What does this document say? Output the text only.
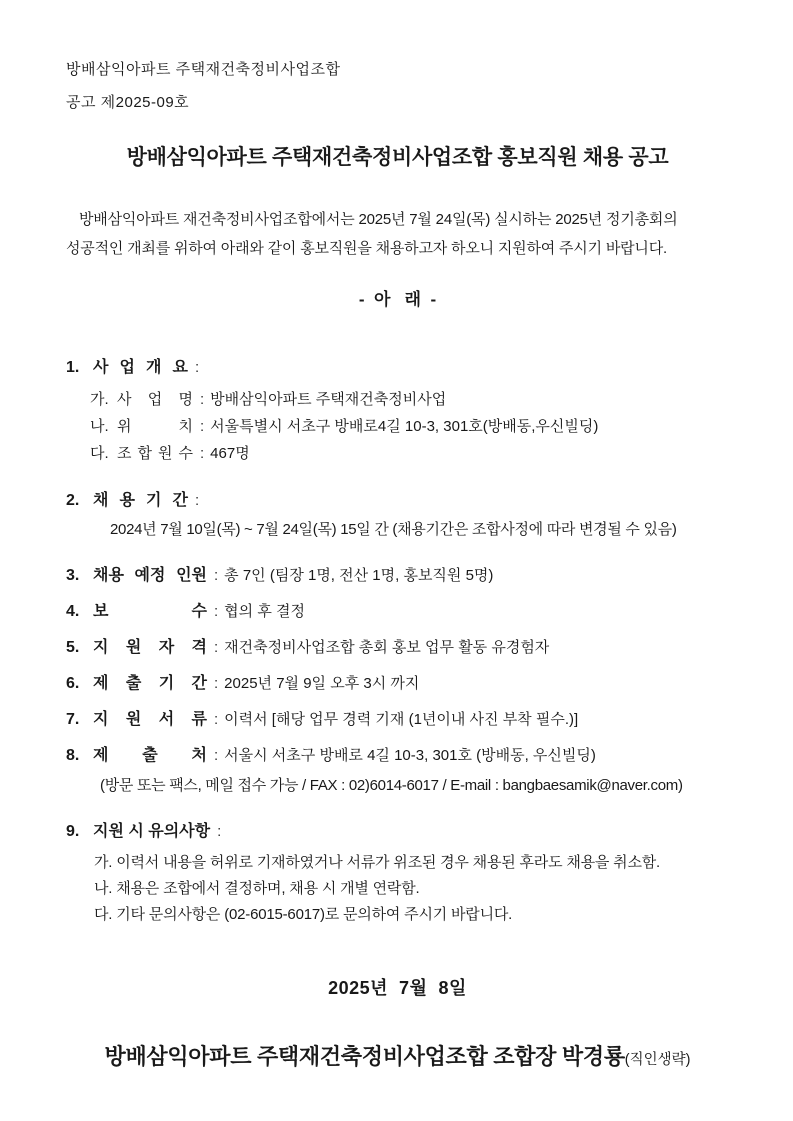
방배삼익아파트 주택재건축정비사업조합
공고 제2025-09호
방배삼익아파트 주택재건축정비사업조합 홍보직원 채용 공고
방배삼익아파트 재건축정비사업조합에서는 2025년 7월 24일(목) 실시하는 2025년 정기총회의
성공적인 개최를 위하여 아래와 같이 홍보직원을 채용하고자 하오니 지원하여 주시기 바랍니다.
-  아   래  -
1. 사 업 개 요 :
가. 사 업 명 : 방배삼익아파트 주택재건축정비사업
나. 위 치 : 서울특별시 서초구 방배로4길 10-3, 301호(방배동,우신빌딩)
다. 조 합 원 수 : 467명
2. 채 용 기 간 :
2024년 7월 10일(목) ~ 7월 24일(목) 15일 간 (채용기간은 조합사정에 따라 변경될 수 있음)
3. 채용 예정 인원 : 총 7인 (팀장 1명, 전산 1명, 홍보직원 5명)
4. 보 수 : 협의 후 결정
5. 지 원 자 격 : 재건축정비사업조합 총회 홍보 업무 활동 유경험자
6. 제 출 기 간 : 2025년 7월 9일 오후 3시 까지
7. 지 원 서 류 : 이력서 [해당 업무 경력 기재 (1년이내 사진 부착 필수.)]
8. 제 출 처 : 서울시 서초구 방배로 4길 10-3, 301호 (방배동, 우신빌딩)
(방문 또는 팩스, 메일 접수 가능 / FAX : 02)6014-6017 / E-mail : bangbaesamik@naver.com)
9. 지원 시 유의사항 :
가. 이력서 내용을 허위로 기재하였거나 서류가 위조된 경우 채용된 후라도 채용을 취소함.
나. 채용은 조합에서 결정하며, 채용 시 개별 연락함.
다. 기타 문의사항은 (02-6015-6017)로 문의하여 주시기 바랍니다.
2025년  7월  8일
방배삼익아파트 주택재건축정비사업조합 조합장 박경룡(직인생략)
